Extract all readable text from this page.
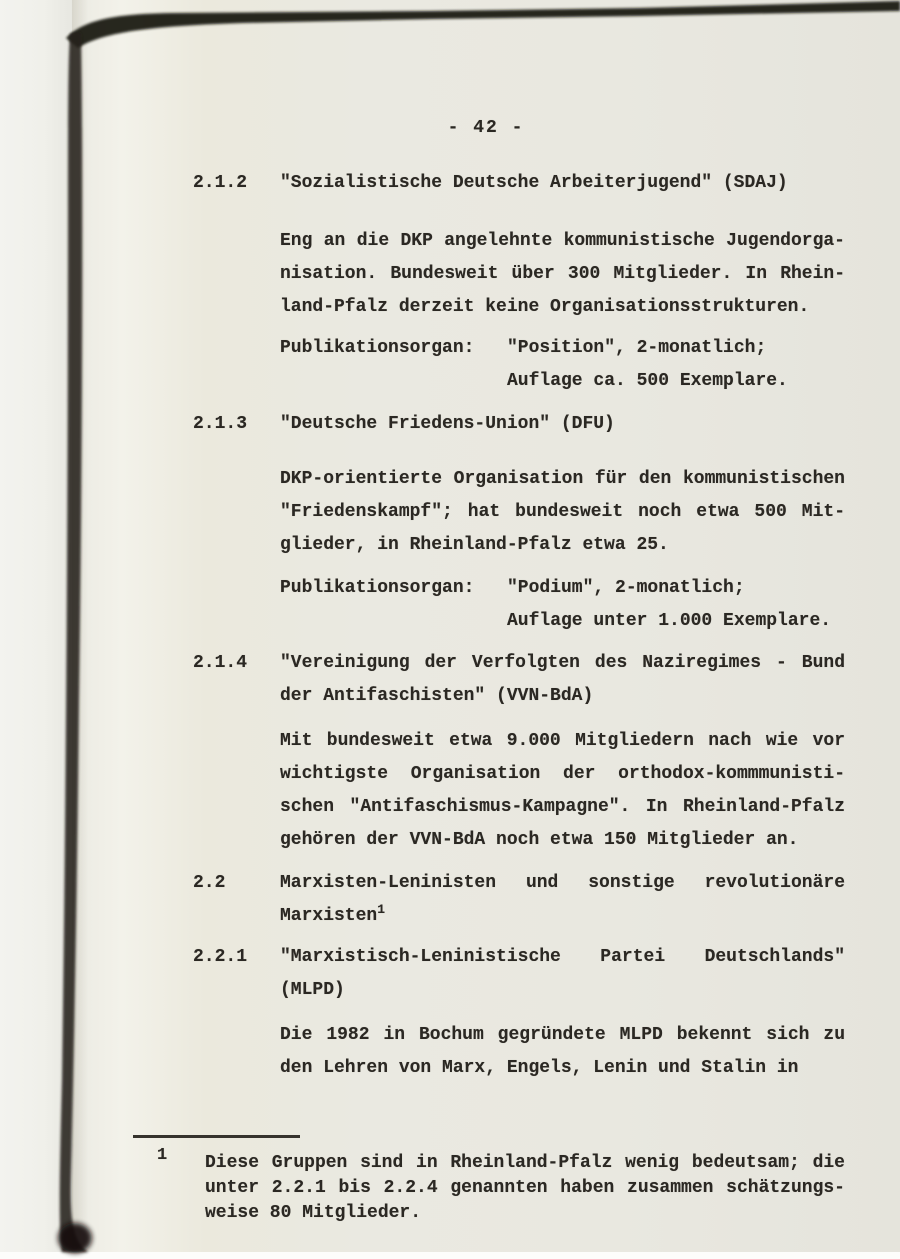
- 42 -
2.1.2 "Sozialistische Deutsche Arbeiterjugend" (SDAJ)
Eng an die DKP angelehnte kommunistische Jugendorga-
nisation. Bundesweit über 300 Mitglieder. In Rhein-
land-Pfalz derzeit keine Organisationsstrukturen.
Publikationsorgan: "Position", 2-monatlich;
Auflage ca. 500 Exemplare.
2.1.3 "Deutsche Friedens-Union" (DFU)
DKP-orientierte Organisation für den kommunistischen
"Friedenskampf"; hat bundesweit noch etwa 500 Mit-
glieder, in Rheinland-Pfalz etwa 25.
Publikationsorgan: "Podium", 2-monatlich;
Auflage unter 1.000 Exemplare.
2.1.4 "Vereinigung der Verfolgten des Naziregimes - Bund
der Antifaschisten" (VVN-BdA)
Mit bundesweit etwa 9.000 Mitgliedern nach wie vor
wichtigste Organisation der orthodox-kommmunisti-
schen "Antifaschismus-Kampagne". In Rheinland-Pfalz
gehören der VVN-BdA noch etwa 150 Mitglieder an.
2.2	Marxisten-Leninisten und sonstige revolutionäre
Marxisten$^1$
2.2.1 "Marxistisch-Leninistische Partei Deutschlands"
(MLPD)
Die 1982 in Bochum gegründete MLPD bekennt sich zu
den Lehren von Marx, Engels, Lenin und Stalin in
1 Diese Gruppen sind in Rheinland-Pfalz wenig bedeutsam; die
unter 2.2.1 bis 2.2.4 genannten haben zusammen schätzungs-
weise 80 Mitglieder.
